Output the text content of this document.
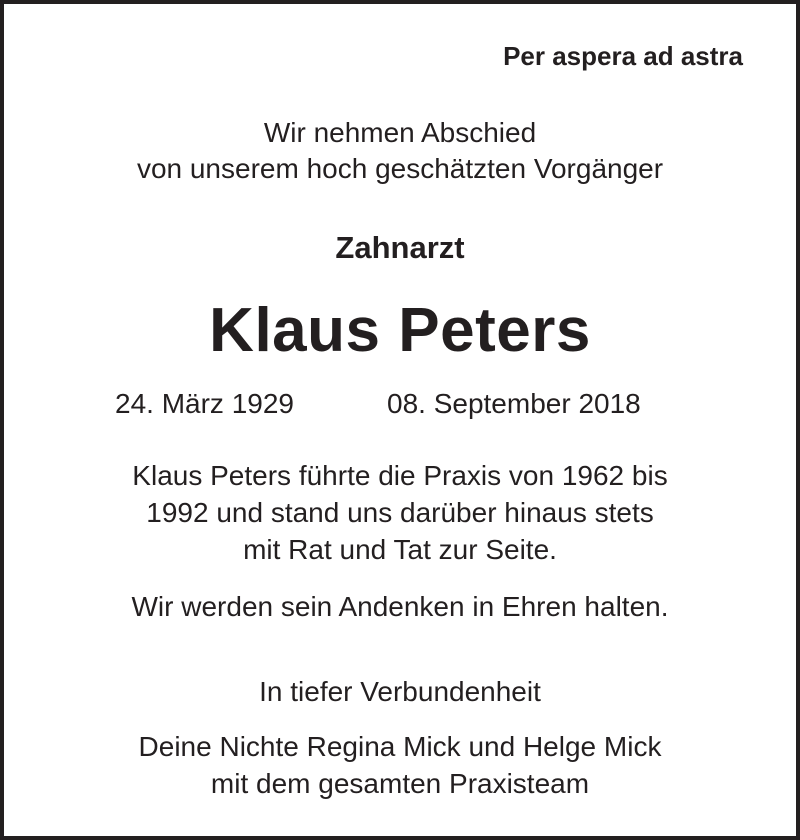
Per aspera ad astra
Wir nehmen Abschied
von unserem hoch geschätzten Vorgänger
Zahnarzt
Klaus Peters
24. März 1929	08. September 2018
Klaus Peters führte die Praxis von 1962 bis
1992 und stand uns darüber hinaus stets
mit Rat und Tat zur Seite.
Wir werden sein Andenken in Ehren halten.
In tiefer Verbundenheit
Deine Nichte Regina Mick und Helge Mick
mit dem gesamten Praxisteam
